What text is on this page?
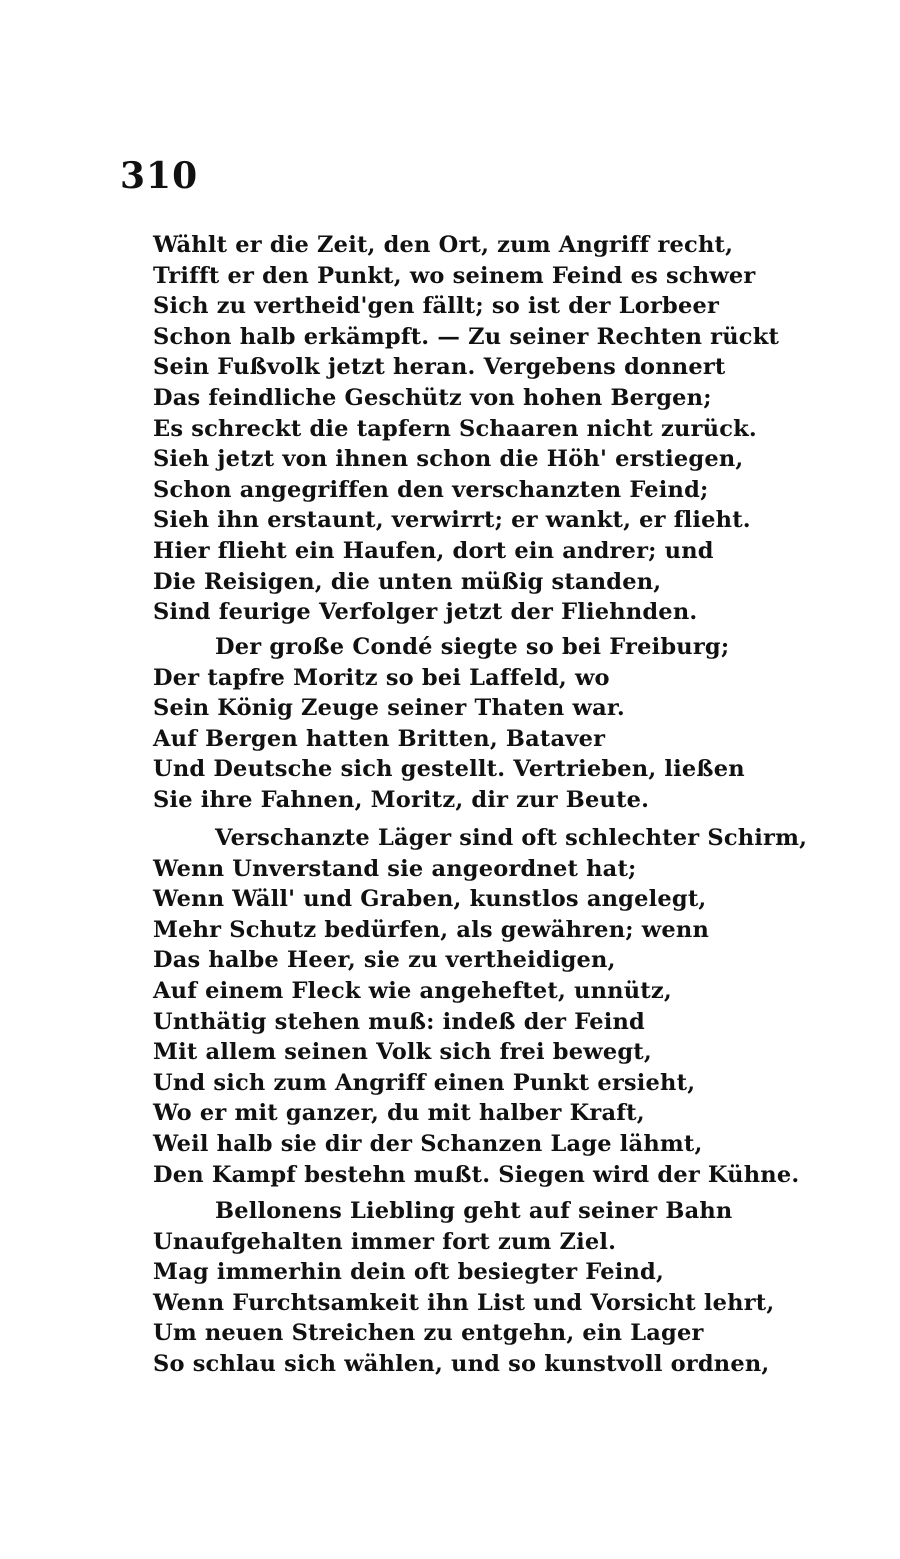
310
Wählt er die Zeit, den Ort, zum Angriff recht,
Trifft er den Punkt, wo seinem Feind es schwer
Sich zu vertheid'gen fällt; so ist der Lorbeer
Schon halb erkämpft. — Zu seiner Rechten rückt
Sein Fußvolk jetzt heran. Vergebens donnert
Das feindliche Geschütz von hohen Bergen;
Es schreckt die tapfern Schaaren nicht zurück.
Sieh jetzt von ihnen schon die Höh' erstiegen,
Schon angegriffen den verschanzten Feind;
Sieh ihn erstaunt, verwirrt; er wankt, er flieht.
Hier flieht ein Haufen, dort ein andrer; und
Die Reisigen, die unten müßig standen,
Sind feurige Verfolger jetzt der Fliehnden.
Der große Condé siegte so bei Freiburg;
Der tapfre Moritz so bei Laffeld, wo
Sein König Zeuge seiner Thaten war.
Auf Bergen hatten Britten, Bataver
Und Deutsche sich gestellt. Vertrieben, ließen
Sie ihre Fahnen, Moritz, dir zur Beute.
Verschanzte Läger sind oft schlechter Schirm,
Wenn Unverstand sie angeordnet hat;
Wenn Wäll' und Graben, kunstlos angelegt,
Mehr Schutz bedürfen, als gewähren; wenn
Das halbe Heer, sie zu vertheidigen,
Auf einem Fleck wie angeheftet, unnütz,
Unthätig stehen muß: indeß der Feind
Mit allem seinen Volk sich frei bewegt,
Und sich zum Angriff einen Punkt ersieht,
Wo er mit ganzer, du mit halber Kraft,
Weil halb sie dir der Schanzen Lage lähmt,
Den Kampf bestehn mußt. Siegen wird der Kühne.
Bellonens Liebling geht auf seiner Bahn
Unaufgehalten immer fort zum Ziel.
Mag immerhin dein oft besiegter Feind,
Wenn Furchtsamkeit ihn List und Vorsicht lehrt,
Um neuen Streichen zu entgehn, ein Lager
So schlau sich wählen, und so kunstvoll ordnen,
